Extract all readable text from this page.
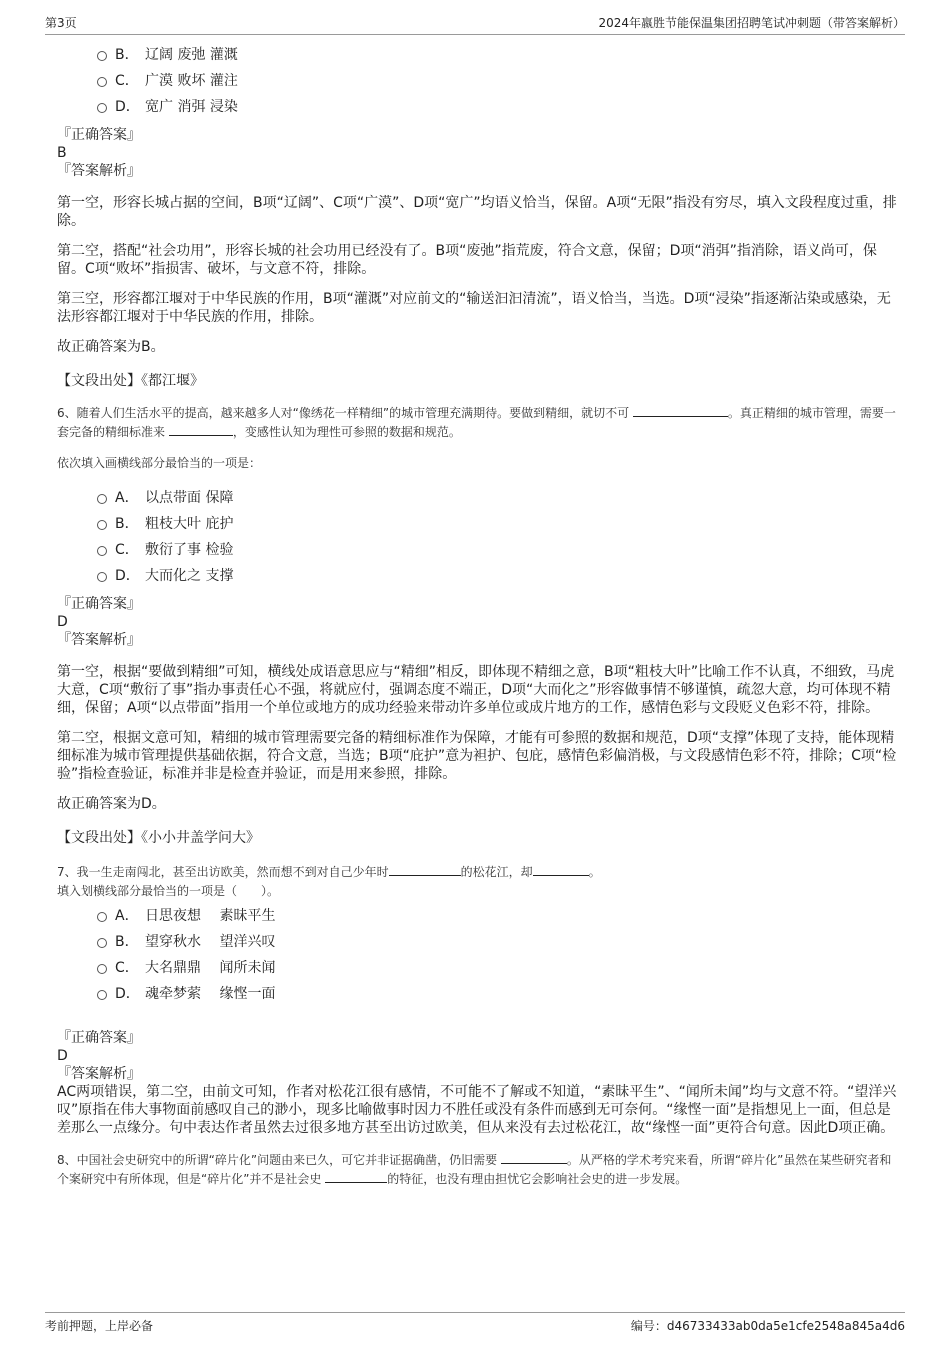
第3页	2024年嬴胜节能保温集团招聘笔试冲刺题（带答案解析）
B． 辽阔 废弛 灌溉
C． 广漠 败坏 灌注
D． 宽广 消弭 浸染

『正确答案』

B

『答案解析』

第一空，形容长城占据的空间，B项“辽阔”、C项“广漠”、D项“宽广”均语义恰当，保留。A项“无限”指没有穷尽，填入文段程度过重，排除。

第二空，搭配“社会功用”，形容长城的社会功用已经没有了。B项“废弛”指荒废，符合文意，保留；D项“消弭”指消除，语义尚可，保留。C项“败坏”指损害、破坏，与文意不符，排除。

第三空，形容都江堰对于中华民族的作用，B项“灌溉”对应前文的“输送汩汩清流”，语义恰当，当选。D项“浸染”指逐渐沾染或感染，无法形容都江堰对于中华民族的作用，排除。

故正确答案为B。

【文段出处】《都江堰》

6、随着人们生活水平的提高，越来越多人对“像绣花一样精细”的城市管理充满期待。要做到精细，就切不可	。真正精细的城市管理，需要一套完备的精细标准来	，变感性认知为理性可参照的数据和规范。

依次填入画横线部分最恰当的一项是：

A． 以点带面 保障
B． 粗枝大叶 庇护
C． 敷衍了事 检验
D． 大而化之 支撑

『正确答案』

D

『答案解析』

第一空，根据“要做到精细”可知，横线处成语意思应与“精细”相反，即体现不精细之意，B项“粗枝大叶”比喻工作不认真，不细致，马虎大意，C项“敷衍了事”指办事责任心不强，将就应付，强调态度不端正，D项“大而化之”形容做事情不够谨慎，疏忽大意，均可体现不精细，保留；A项“以点带面”指用一个单位或地方的成功经验来带动许多单位或成片地方的工作，感情色彩与文段贬义色彩不符，排除。

第二空，根据文意可知，精细的城市管理需要完备的精细标准作为保障，才能有可参照的数据和规范，D项“支撑”体现了支持，能体现精细标准为城市管理提供基础依据，符合文意，当选；B项“庇护”意为袒护、包庇，感情色彩偏消极，与文段感情色彩不符，排除；C项“检验”指检查验证，标准并非是检查并验证，而是用来参照，排除。

故正确答案为D。

【文段出处】《小小井盖学问大》

7、我一生走南闯北，甚至出访欧美，然而想不到对自己少年时	的松花江，却	。

填入划横线部分最恰当的一项是（　　）。

A． 日思夜想　 素昧平生
B． 望穿秋水　 望洋兴叹
C． 大名鼎鼎　 闻所未闻
D． 魂牵梦萦　 缘悭一面

『正确答案』

D

『答案解析』

AC两项错误，第二空，由前文可知，作者对松花江很有感情，不可能不了解或不知道，“素昧平生”、“闻所未闻”均与文意不符。“望洋兴叹”原指在伟大事物面前感叹自己的渺小，现多比喻做事时因力不胜任或没有条件而感到无可奈何。“缘悭一面”是指想见上一面，但总是差那么一点缘分。句中表达作者虽然去过很多地方甚至出访过欧美，但从来没有去过松花江，故“缘悭一面”更符合句意。因此D项正确。

8、中国社会史研究中的所谓“碎片化”问题由来已久，可它并非证据确凿，仍旧需要	。从严格的学术考究来看，所谓“碎片化”虽然在某些研究者和个案研究中有所体现，但是“碎片化”并不是社会史	的特征，也没有理由担忧它会影响社会史的进一步发展。

考前押题，上岸必备	编号：d46733433ab0da5e1cfe2548a845a4d6
